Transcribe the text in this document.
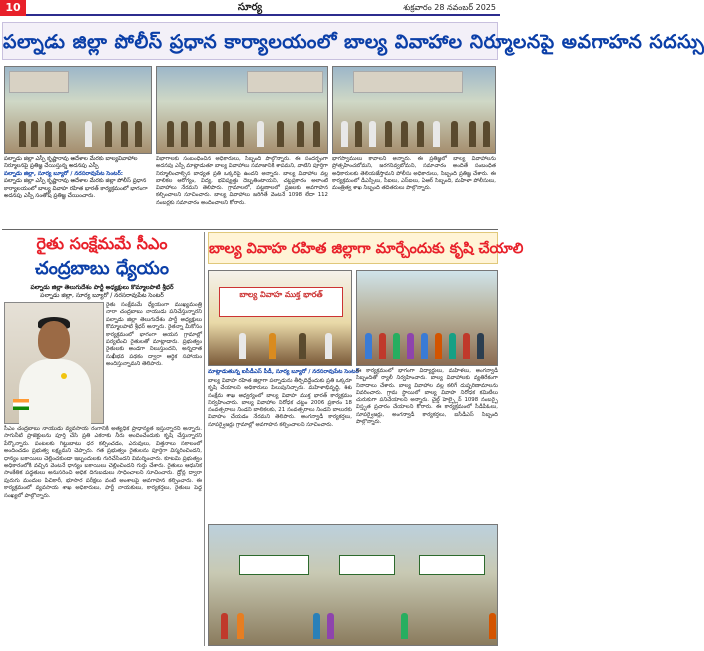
10	సూర్య	శుక్రవారం 28 నవంబర్ 2025
పల్నాడు జిల్లా పోలీస్ ప్రధాన కార్యాలయంలో బాల్య వివాహాల నిర్మూలనపై అవగాహన సదస్సు
పల్నాడు జిల్లా ఎస్పీ కృష్ణారావు ఆదేశాల మేరకు బాల్యవివాహాల నిర్మూలనపై ప్రతిజ్ఞ చేయిస్తున్న అదనపు ఎస్పీ
పల్నాడు జిల్లా, సూర్య బ్యూరో / నరసరావుపేట సెంటర్:
పల్నాడు జిల్లా ఎస్పీ కృష్ణారావు ఆదేశాల మేరకు జిల్లా పోలీస్ ప్రధాన కార్యాలయంలో బాల్య వివాహ రహిత భారత్ కార్యక్రమంలో భాగంగా అదనపు ఎస్పీ సంతోష్ ప్రతిజ్ఞ చేయించారు.
విభాగాలకు సంబంధించిన అధికారులు, సిబ్బంది పాల్గొన్నారు. ఈ సందర్భంగా అదనపు ఎస్పీ మాట్లాడుతూ బాల్య వివాహాలు సమాజానికి శాపమని, వాటిని పూర్తిగా నిర్మూలించాల్సిన బాధ్యత ప్రతి ఒక్కరిపై ఉందని అన్నారు. బాల్య వివాహాల వల్ల బాలికల ఆరోగ్యం, విద్య, భవిష్యత్తు దెబ్బతింటాయని, చట్టప్రకారం అలాంటి వివాహాలు నేరమని తెలిపారు. గ్రామాలలో, పట్టణాలలో ప్రజలకు అవగాహన కల్పించాలని సూచించారు. బాల్య వివాహాలు జరిగితే వెంటనే 1098 లేదా 112 నంబర్లకు సమాచారం అందించాలని కోరారు.
భాగస్వాములు కావాలని అన్నారు. ఈ ప్రతిజ్ఞలో బాల్య వివాహాలను ప్రోత్సహించబోమని, జరగనివ్వబోమని, సమాచారం అందితే సంబంధిత అధికారులకు తెలియజేస్తామని పోలీసు అధికారులు, సిబ్బంది ప్రతిజ్ఞ చేశారు. ఈ కార్యక్రమంలో డీఎస్పీలు, సీఐలు, ఎస్ఐలు, ఏఆర్ సిబ్బంది, మహిళా పోలీసులు, మంత్రిత్వ శాఖ సిబ్బంది తదితరులు పాల్గొన్నారు.
రైతు సంక్షేమమే సీఎం
చంద్రబాబు ధ్యేయం
పల్నాడు జిల్లా తెలుగుదేశం పార్టీ అధ్యక్షులు కొమ్మాలపాటి శ్రీధర్
పల్నాడు జిల్లా, సూర్య బ్యూరో / నరసరావుపేట సెంటర్
రైతు సంక్షేమమే ధ్యేయంగా ముఖ్యమంత్రి నారా చంద్రబాబు నాయుడు పనిచేస్తున్నారని పల్నాడు జిల్లా తెలుగుదేశం పార్టీ అధ్యక్షులు కొమ్మాలపాటి శ్రీధర్ అన్నారు. రైతన్నా మీకోసం కార్యక్రమంలో భాగంగా ఆయన గ్రామాల్లో పర్యటించి రైతులతో మాట్లాడారు. ప్రభుత్వం రైతులకు అండగా నిలుస్తుందని, అన్నదాత సుఖీభవ పథకం ద్వారా ఆర్థిక సహాయం అందిస్తున్నామని తెలిపారు.
సీఎం చంద్రబాబు నాయుడు వ్యవసాయ రంగానికి అత్యధిక ప్రాధాన్యత ఇస్తున్నారని అన్నారు. సాగునీటి ప్రాజెక్టులను పూర్తి చేసి ప్రతి ఎకరాకు నీరు అందించేందుకు కృషి చేస్తున్నారని పేర్కొన్నారు. పంటలకు గిట్టుబాటు ధర కల్పించడం, ఎరువులు, విత్తనాలు సకాలంలో అందించడం ప్రభుత్వ లక్ష్యమని చెప్పారు. గత ప్రభుత్వం రైతులను పూర్తిగా విస్మరించిందని, ధాన్యం బకాయిలు చెల్లించకుండా ఇబ్బందులకు గురిచేసిందని విమర్శించారు. కూటమి ప్రభుత్వం అధికారంలోకి వచ్చిన వెంటనే ధాన్యం బకాయిలు చెల్లించిందని గుర్తు చేశారు. రైతులు ఆధునిక సాంకేతిక పద్ధతులు అనుసరించి అధిక దిగుబడులు సాధించాలని సూచించారు. డ్రోన్ల ద్వారా పురుగు మందుల పిచికారీ, భూసార పరీక్షలు వంటి అంశాలపై అవగాహన కల్పించారు. ఈ కార్యక్రమంలో వ్యవసాయ శాఖ అధికారులు, పార్టీ నాయకులు, కార్యకర్తలు, రైతులు పెద్ద సంఖ్యలో పాల్గొన్నారు.
బాల్య వివాహ రహిత జిల్లాగా మార్చేందుకు కృషి చేయాలి
బాల్య వివాహ ముక్త భారత్
మాట్లాడుతున్న ఐసీడీఎస్ పీడీ, సూర్య బ్యూరో / నరసరావుపేట సెంటర్
బాల్య వివాహ రహిత జిల్లాగా పల్నాడును తీర్చిదిద్దేందుకు ప్రతి ఒక్కరూ కృషి చేయాలని అధికారులు పిలుపునిచ్చారు. మహిళాభివృద్ధి, శిశు సంక్షేమ శాఖ ఆధ్వర్యంలో బాల్య వివాహ ముక్త భారత్ కార్యక్రమం నిర్వహించారు. బాల్య వివాహాల నిరోధక చట్టం 2006 ప్రకారం 18 సంవత్సరాలు నిండని బాలికలకు, 21 సంవత్సరాలు నిండని బాలురకు వివాహం చేయడం నేరమని తెలిపారు. అంగన్వాడీ కార్యకర్తలు, సూపర్వైజర్లు గ్రామాల్లో అవగాహన కల్పించాలని సూచించారు.
ఈ కార్యక్రమంలో భాగంగా విద్యార్థులు, మహిళలు, అంగన్వాడీ సిబ్బందితో ర్యాలీ నిర్వహించారు. బాల్య వివాహాలకు వ్యతిరేకంగా నినాదాలు చేశారు. బాల్య వివాహాల వల్ల కలిగే దుష్పరిణామాలను వివరించారు. గ్రామ స్థాయిలో బాల్య వివాహ నిరోధక కమిటీలు చురుకుగా పనిచేయాలని అన్నారు. చైల్డ్ హెల్ప్లైన్ 1098 నంబర్పై విస్తృత ప్రచారం చేయాలని కోరారు. ఈ కార్యక్రమంలో సీడీపీఓలు, సూపర్వైజర్లు, అంగన్వాడీ కార్యకర్తలు, ఐసీడీఎస్ సిబ్బంది పాల్గొన్నారు.
